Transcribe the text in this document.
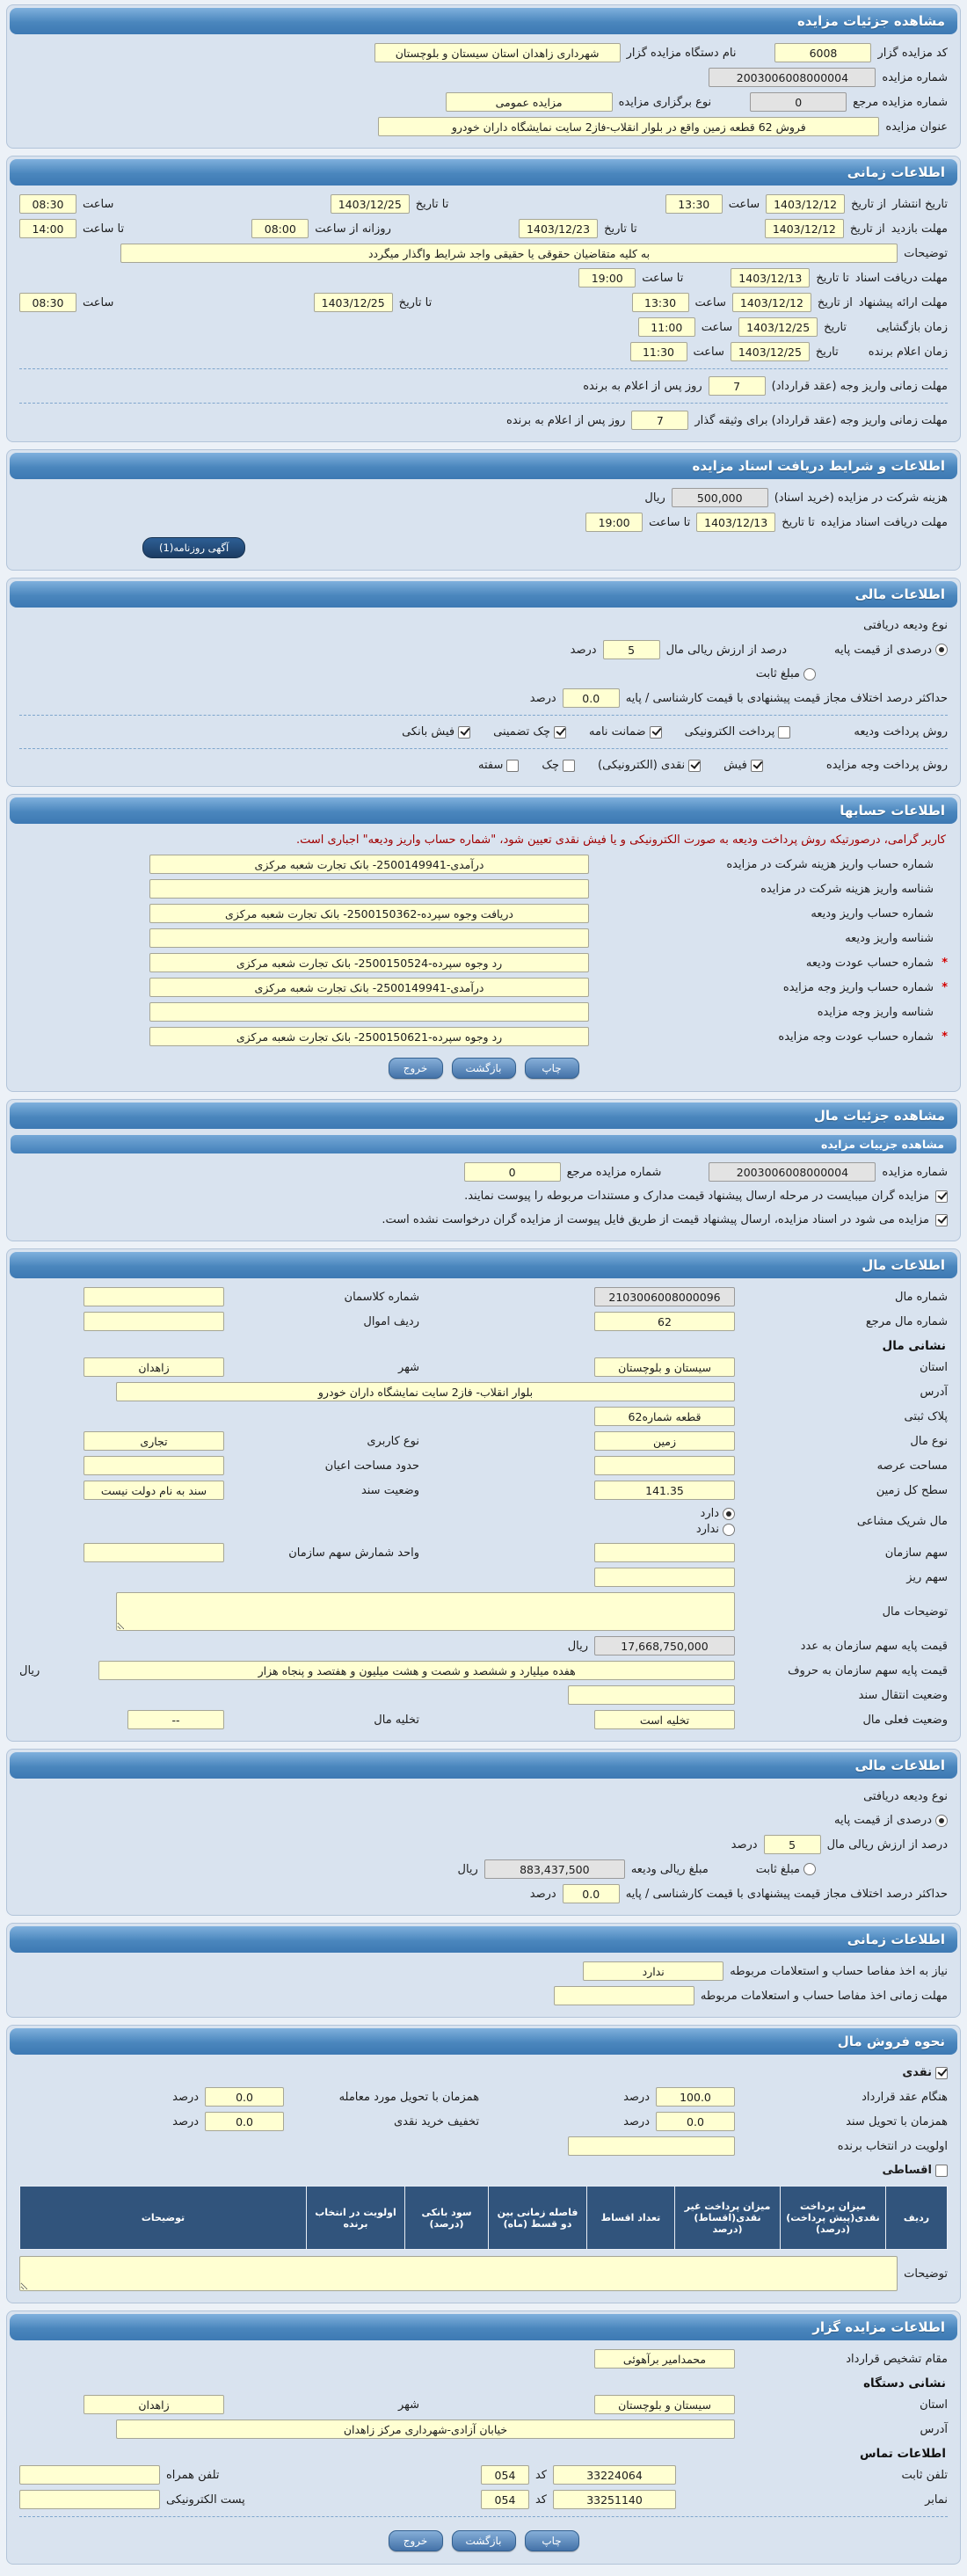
مشاهده جزئیات مزایده
کد مزایده گزار
6008
نام دستگاه مزایده گزار
شهرداری زاهدان استان سیستان و بلوچستان
شماره مزایده
2003006008000004
شماره مزایده مرجع
0
نوع برگزاری مزایده
مزایده عمومی
عنوان مزایده
فروش 62 قطعه زمین واقع در بلوار انقلاب-فاز2 سایت نمایشگاه داران خودرو
اطلاعات زمانی
تاریخ انتشار
از تاریخ
1403/12/12
ساعت
13:30
تا تاریخ
1403/12/25
ساعت
08:30
مهلت بازدید
از تاریخ
1403/12/12
تا تاریخ
1403/12/23
روزانه از ساعت
08:00
تا ساعت
14:00
توضیحات
به کلیه متقاضیان حقوقی یا حقیقی واجد شرایط واگذار میگردد
مهلت دریافت اسناد
تا تاریخ
1403/12/13
تا ساعت
19:00
مهلت ارائه پیشنهاد
از تاریخ
1403/12/12
ساعت
13:30
تا تاریخ
1403/12/25
ساعت
08:30
زمان بازگشایی
تاریخ
1403/12/25
ساعت
11:00
زمان اعلام برنده
تاریخ
1403/12/25
ساعت
11:30
مهلت زمانی واریز وجه (عقد قرارداد)
7
روز پس از اعلام به برنده
مهلت زمانی واریز وجه (عقد قرارداد) برای وثیقه گذار
7
روز پس از اعلام به برنده
اطلاعات و شرایط دریافت اسناد مزایده
هزینه شرکت در مزایده (خرید اسناد)
500,000
ریال
مهلت دریافت اسناد مزایده
تا تاریخ
1403/12/13
تا ساعت
19:00
آگهی روزنامه(1)
اطلاعات مالی
نوع ودیعه دریافتی
درصدی از قیمت پایه
درصد از ارزش ریالی مال
5
درصد
مبلغ ثابت
حداکثر درصد اختلاف مجاز قیمت پیشنهادی با قیمت کارشناسی / پایه
0.0
درصد
روش پرداخت ودیعه
پرداخت الکترونیکی
ضمانت نامه
چک تضمینی
فیش بانکی
روش پرداخت وجه مزایده
فیش
نقدی (الکترونیکی)
چک
سفته
اطلاعات حسابها
کاربر گرامی، درصورتیکه روش پرداخت ودیعه به صورت الکترونیکی و یا فیش نقدی تعیین شود، "شماره حساب واریز ودیعه" اجباری است.
شماره حساب واریز هزینه شرکت در مزایده
درآمدی-2500149941- بانک تجارت شعبه مرکزی
شناسه واریز هزینه شرکت در مزایده
شماره حساب واریز ودیعه
دریافت وجوه سپرده-2500150362- بانک تجارت شعبه مرکزی
شناسه واریز ودیعه
*
شماره حساب عودت ودیعه
رد وجوه سپرده-2500150524- بانک تجارت شعبه مرکزی
*
شماره حساب واریز وجه مزایده
درآمدی-2500149941- بانک تجارت شعبه مرکزی
شناسه واریز وجه مزایده
*
شماره حساب عودت وجه مزایده
رد وجوه سپرده-2500150621- بانک تجارت شعبه مرکزی
چاپ
بازگشت
خروج
مشاهده جزئیات مال
مشاهده جزییات مزایده
شماره مزایده
2003006008000004
شماره مزایده مرجع
0
مزایده گران میبایست در مرحله ارسال پیشنهاد قیمت مدارک و مستندات مربوطه را پیوست نمایند.
مزایده می شود در اسناد مزایده، ارسال پیشنهاد قیمت از طریق فایل پیوست از مزایده گران درخواست نشده است.
اطلاعات مال
شماره مال
2103006008000096
شماره کلاسمان
شماره مال مرجع
62
ردیف اموال
نشانی مال
استان
سیستان و بلوچستان
شهر
زاهدان
آدرس
بلوار انقلاب- فاز2 سایت نمایشگاه داران خودرو
پلاک ثبتی
قطعه شماره62
نوع مال
زمین
نوع کاربری
تجاری
مساحت عرصه
حدود مساحت اعیان
سطح کل زمین
141.35
وضعیت سند
سند به نام دولت نیست
مال شریک مشاعی
دارد
ندارد
سهم سازمان
واحد شمارش سهم سازمان
سهم ریز
توضیحات مال
قیمت پایه سهم سازمان به عدد
17,668,750,000
ریال
قیمت پایه سهم سازمان به حروف
هفده میلیارد و ششصد و شصت و هشت میلیون و هفتصد و پنجاه هزار
ریال
وضعیت انتقال سند
وضعیت فعلی مال
تخلیه است
تخلیه مال
--
اطلاعات مالی
نوع ودیعه دریافتی
درصدی از قیمت پایه
درصد از ارزش ریالی مال
5
درصد
مبلغ ثابت
مبلغ ریالی ودیعه
883,437,500
ریال
حداکثر درصد اختلاف مجاز قیمت پیشنهادی با قیمت کارشناسی / پایه
0.0
درصد
اطلاعات زمانی
نیاز به اخذ مفاصا حساب و استعلامات مربوطه
ندارد
مهلت زمانی اخذ مفاصا حساب و استعلامات مربوطه
نحوه فروش مال
نقدی
هنگام عقد قرارداد
100.0
درصد
همزمان با تحویل مورد معامله
0.0
درصد
همزمان با تحویل سند
0.0
درصد
تخفیف خرید نقدی
0.0
درصد
اولویت در انتخاب برنده
اقساطی
ردیف	میزان پرداخت نقدی(پیش پرداخت) (درصد)	میزان پرداخت غیر نقدی(اقساط) (درصد	تعداد اقساط	فاصله زمانی بین دو قسط (ماه)	سود بانکی (درصد)	اولویت در انتخاب برنده	توضیحات
توضیحات
اطلاعات مزایده گزار
مقام تشخیص قرارداد
محمدامیر برآهوئی
نشانی دستگاه
استان
سیستان و بلوچستان
شهر
زاهدان
آدرس
خیابان آزادی-شهرداری مرکز زاهدان
اطلاعات تماس
تلفن ثابت
33224064
کد
054
تلفن همراه
نمابر
33251140
کد
054
پست الکترونیکی
چاپ
بازگشت
خروج
